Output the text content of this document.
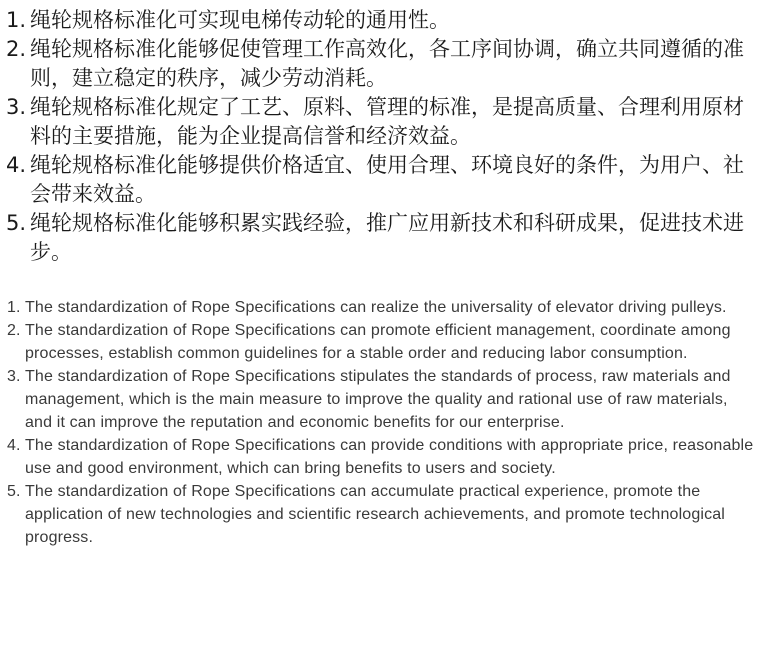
1. 绳轮规格标准化可实现电梯传动轮的通用性。
2. 绳轮规格标准化能够促使管理工作高效化，各工序间协调，确立共同遵循的准则，建立稳定的秩序，减少劳动消耗。
3. 绳轮规格标准化规定了工艺、原料、管理的标准，是提高质量、合理利用原材料的主要措施，能为企业提高信誉和经济效益。
4. 绳轮规格标准化能够提供价格适宜、使用合理、环境良好的条件，为用户、社会带来效益。
5. 绳轮规格标准化能够积累实践经验，推广应用新技术和科研成果，促进技术进步。
1. The standardization of Rope Specifications can realize the universality of elevator driving pulleys.
2. The standardization of Rope Specifications can promote efficient management, coordinate among processes, establish common guidelines for a stable order and reducing labor consumption.
3. The standardization of Rope Specifications stipulates the standards of process, raw materials and management, which is the main measure to improve the quality and rational use of raw materials, and it can improve the reputation and economic benefits for our enterprise.
4. The standardization of Rope Specifications can provide conditions with appropriate price, reasonable use and good environment, which can bring benefits to users and society.
5. The standardization of Rope Specifications can accumulate practical experience, promote the application of new technologies and scientific research achievements, and promote technological progress.
